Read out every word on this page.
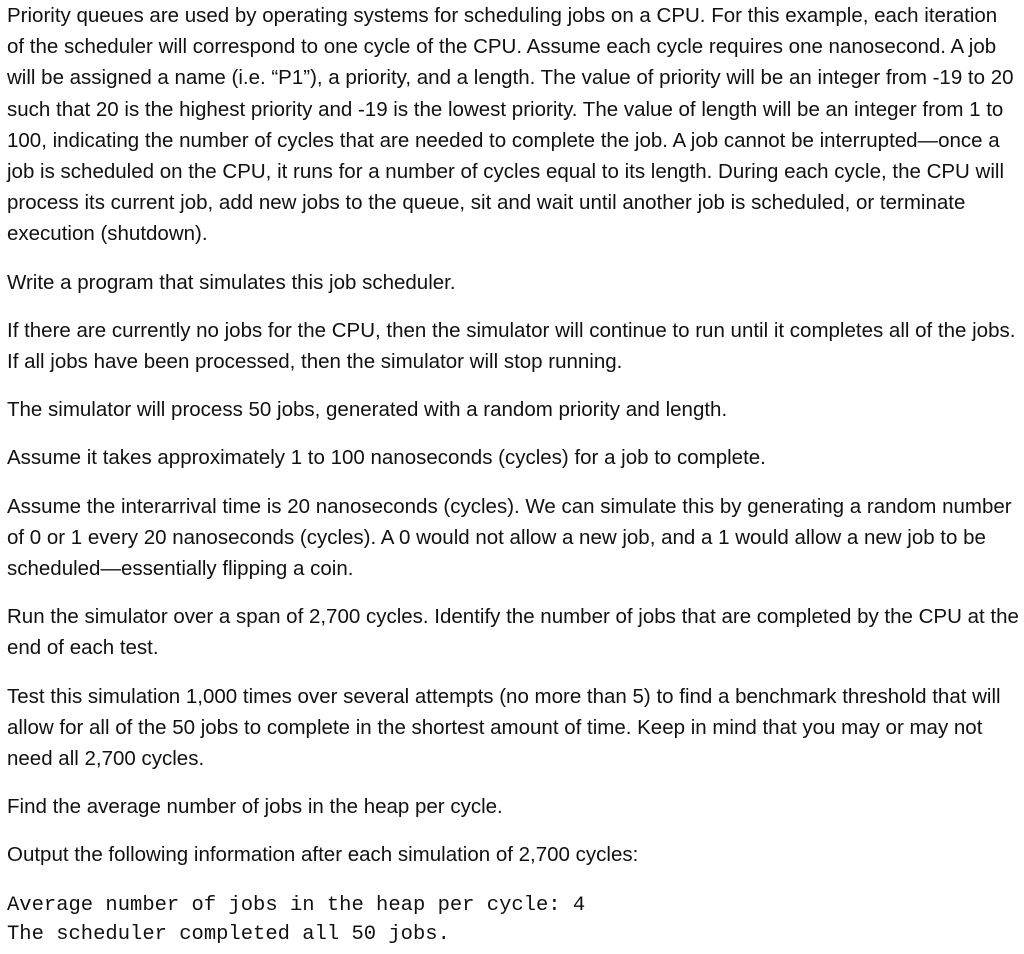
Priority queues are used by operating systems for scheduling jobs on a CPU. For this example, each iteration of the scheduler will correspond to one cycle of the CPU. Assume each cycle requires one nanosecond. A job will be assigned a name (i.e. “P1”), a priority, and a length. The value of priority will be an integer from -19 to 20 such that 20 is the highest priority and -19 is the lowest priority. The value of length will be an integer from 1 to 100, indicating the number of cycles that are needed to complete the job. A job cannot be interrupted—once a job is scheduled on the CPU, it runs for a number of cycles equal to its length. During each cycle, the CPU will process its current job, add new jobs to the queue, sit and wait until another job is scheduled, or terminate execution (shutdown).

Write a program that simulates this job scheduler.

If there are currently no jobs for the CPU, then the simulator will continue to run until it completes all of the jobs. If all jobs have been processed, then the simulator will stop running.

The simulator will process 50 jobs, generated with a random priority and length.

Assume it takes approximately 1 to 100 nanoseconds (cycles) for a job to complete.

Assume the interarrival time is 20 nanoseconds (cycles). We can simulate this by generating a random number of 0 or 1 every 20 nanoseconds (cycles). A 0 would not allow a new job, and a 1 would allow a new job to be scheduled—essentially flipping a coin.

Run the simulator over a span of 2,700 cycles. Identify the number of jobs that are completed by the CPU at the end of each test.

Test this simulation 1,000 times over several attempts (no more than 5) to find a benchmark threshold that will allow for all of the 50 jobs to complete in the shortest amount of time. Keep in mind that you may or may not need all 2,700 cycles.

Find the average number of jobs in the heap per cycle.

Output the following information after each simulation of 2,700 cycles:

Average number of jobs in the heap per cycle: 4

The scheduler completed all 50 jobs.
